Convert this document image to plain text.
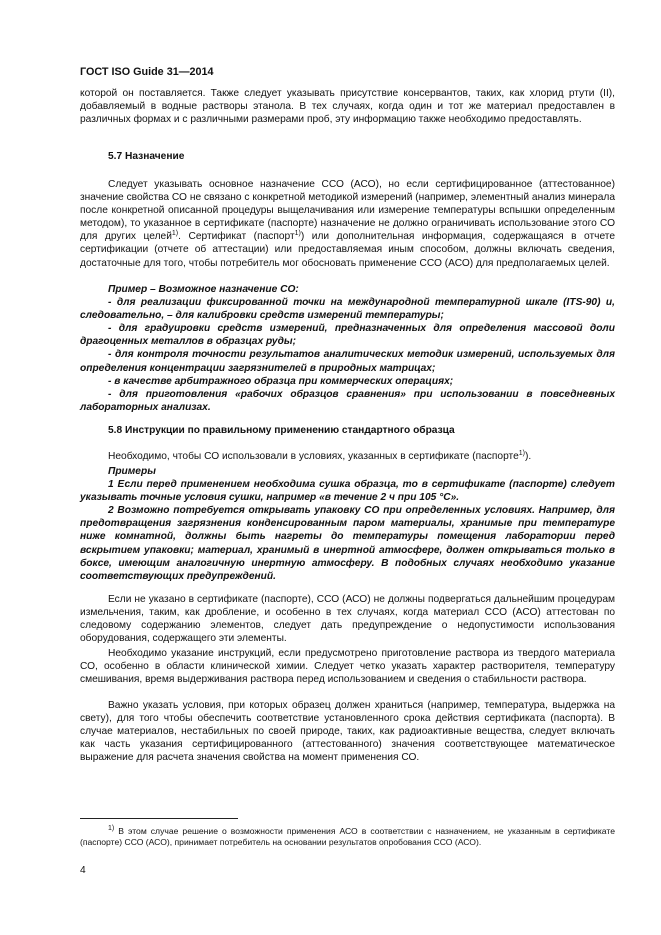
ГОСТ ISO Guide 31—2014

которой он поставляется. Также следует указывать присутствие консервантов, таких, как хлорид ртути (II), добавляемый в водные растворы этанола. В тех случаях, когда один и тот же материал предоставлен в различных формах и с различными размерами проб, эту информацию также необходимо предоставлять.

5.7 Назначение

Следует указывать основное назначение ССО (АСО), но если сертифицированное (аттестованное) значение свойства СО не связано с конкретной методикой измерений (например, элементный анализ минерала после конкретной описанной процедуры выщелачивания или измерение температуры вспышки определенным методом), то указанное в сертификате (паспорте) назначение не должно ограничивать использование этого СО для других целей$^{1)}$. Сертификат (паспорт$^{1)}$) или дополнительная информация, содержащаяся в отчете сертификации (отчете об аттестации) или предоставляемая иным способом, должны включать сведения, достаточные для того, чтобы потребитель мог обосновать применение ССО (АСО) для предполагаемых целей.

Пример – Возможное назначение СО:
- для реализации фиксированной точки на международной температурной шкале (ITS-90) и, следовательно, – для калибровки средств измерений температуры;
- для градуировки средств измерений, предназначенных для определения массовой доли драгоценных металлов в образцах руды;
- для контроля точности результатов аналитических методик измерений, используемых для определения концентрации загрязнителей в природных матрицах;
- в качестве арбитражного образца при коммерческих операциях;
- для приготовления «рабочих образцов сравнения» при использовании в повседневных лабораторных анализах.
5.8 Инструкции по правильному применению стандартного образца

Необходимо, чтобы СО использовали в условиях, указанных в сертификате (паспорте$^{1)}$).

Примеры
1 Если перед применением необходима сушка образца, то в сертификате (паспорте) следует указывать точные условия сушки, например «в течение 2 ч при 105 °С».
2 Возможно потребуется открывать упаковку СО при определенных условиях. Например, для предотвращения загрязнения конденсированным паром материалы, хранимые при температуре ниже комнатной, должны быть нагреты до температуры помещения лаборатории перед вскрытием упаковки; материал, хранимый в инертной атмосфере, должен открываться только в боксе, имеющим аналогичную инертную атмосферу. В подобных случаях необходимо указание соответствующих предупреждений.

Если не указано в сертификате (паспорте), ССО (АСО) не должны подвергаться дальнейшим процедурам измельчения, таким, как дробление, и особенно в тех случаях, когда материал ССО (АСО) аттестован по следовому содержанию элементов, следует дать предупреждение о недопустимости использования оборудования, содержащего эти элементы.

Необходимо указание инструкций, если предусмотрено приготовление раствора из твердого материала СО, особенно в области клинической химии. Следует четко указать характер растворителя, температуру смешивания, время выдерживания раствора перед использованием и сведения о стабильности раствора.

Важно указать условия, при которых образец должен храниться (например, температура, выдержка на свету), для того чтобы обеспечить соответствие установленного срока действия сертификата (паспорта). В случае материалов, нестабильных по своей природе, таких, как радиоактивные вещества, следует включать как часть указания сертифицированного (аттестованного) значения соответствующее математическое выражение для расчета значения свойства на момент применения СО.

$^{1)}$ В этом случае решение о возможности применения АСО в соответствии с назначением, не указанным в сертификате (паспорте) ССО (АСО), принимает потребитель на основании результатов опробования ССО (АСО).

4
